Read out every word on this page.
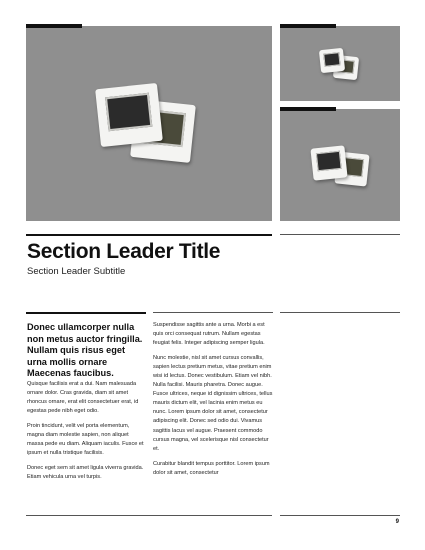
Section Leader Title
Section Leader Subtitle
Donec ullamcorper nulla non metus auctor fringilla. Nullam quis risus eget urna mollis ornare Maecenas faucibus.

Quisque facilisis erat a dui. Nam malesuada ornare dolor. Cras gravida, diam sit amet rhoncus ornare, erat elit consectetuer erat, id egestas pede nibh eget odio.

Proin tincidunt, velit vel porta elementum, magna diam molestie sapien, non aliquet massa pede eu diam. Aliquam iaculis. Fusce et ipsum et nulla tristique facilisis.

Donec eget sem sit amet ligula viverra gravida. Etiam vehicula urna vel turpis.

Suspendisse sagittis ante a urna. Morbi a est quis orci consequat rutrum. Nullam egestas feugiat felis. Integer adipiscing semper ligula.

Nunc molestie, nisl sit amet cursus convallis, sapien lectus pretium metus, vitae pretium enim wisi id lectus. Donec vestibulum. Etiam vel nibh. Nulla facilisi. Mauris pharetra. Donec augue. Fusce ultrices, neque id dignissim ultrices, tellus mauris dictum elit, vel lacinia enim metus eu nunc. Lorem ipsum dolor sit amet, consectetur adipiscing elit. Donec sed odio dui. Vivamus sagittis lacus vel augue. Praesent commodo cursus magna, vel scelerisque nisl consectetur et.

Curabitur blandit tempus porttitor. Lorem ipsum dolor sit amet, consectetur

9
